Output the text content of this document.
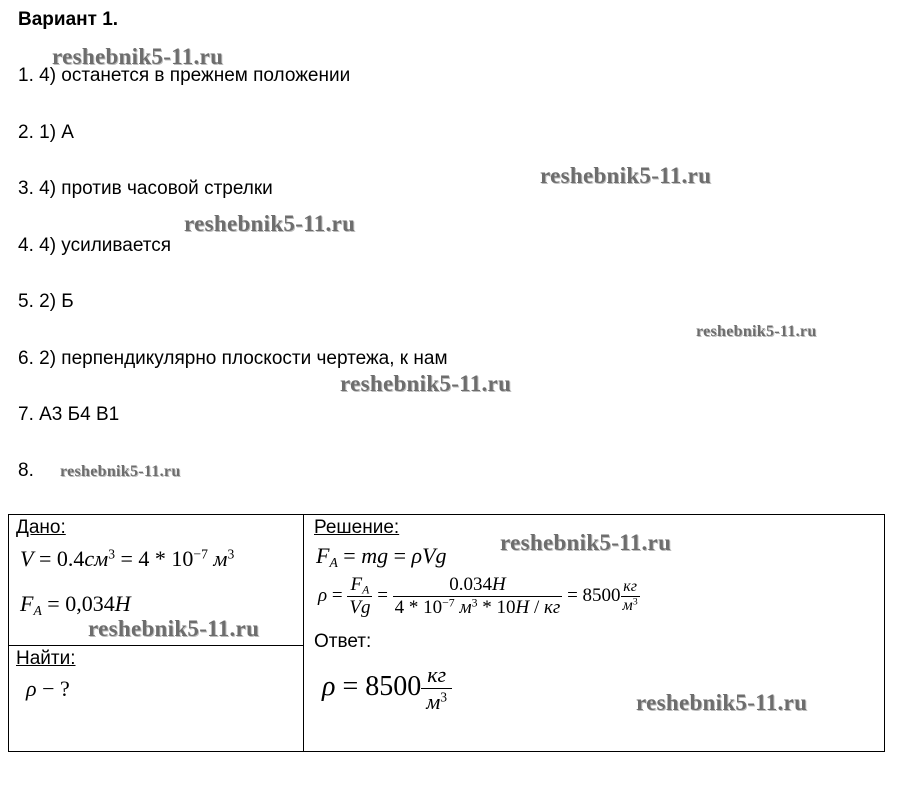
Вариант 1.
1. 4) останется в прежнем положении
2. 1) А
3. 4) против часовой стрелки
4. 4) усиливается
5. 2) Б
6. 2) перпендикулярно плоскости чертежа, к нам
7. А3 Б4 В1
8.
reshebnik5-11.ru
reshebnik5-11.ru
reshebnik5-11.ru
reshebnik5-11.ru
reshebnik5-11.ru
reshebnik5-11.ru
Дано:
$V = 0.4см^3 = 4 * 10^{-7}$ $м^3$
$F_A = 0,034Н$
reshebnik5-11.ru
Найти:
ρ − ?
Решение:
$F_A$ = mg = ρVg
reshebnik5-11.ru
$\rho = \frac{F_A}{Vg} = \frac{0.034Н}{4 * 10^{-7} м^3 * 10Н / кг} = 8500 \frac{кг}{м^3}$
Ответ:
$\rho = 8500 \frac{кг}{м^3}$	reshebnik5-11.ru
